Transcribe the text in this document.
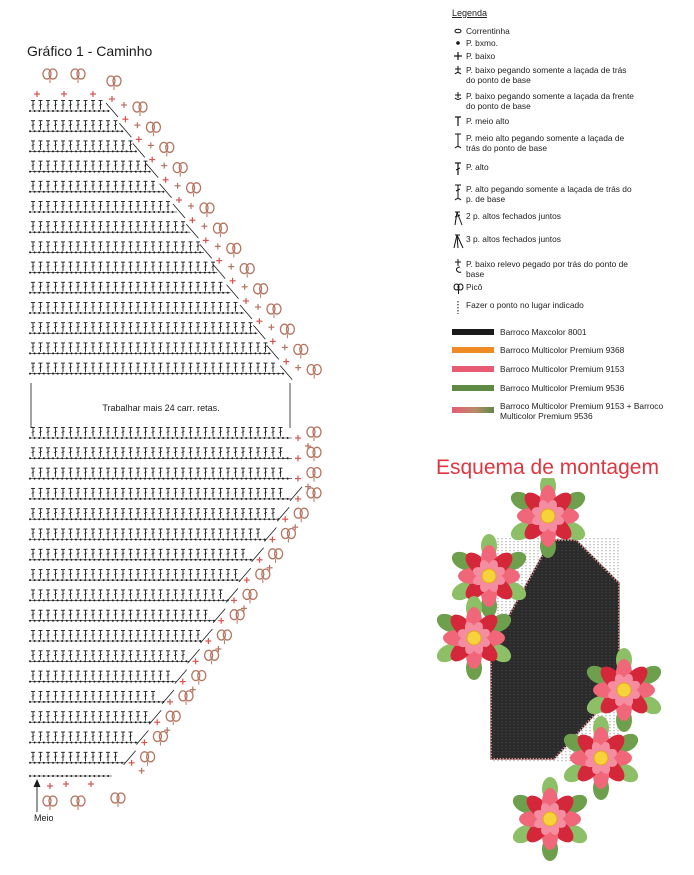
Gráfico 1 - Caminho
Trabalhar mais 24 carr. retas.
Meio
Legenda
Correntinha
P. bxmo.
P. baixo
P. baixo pegando somente a laçada de trás do ponto de base
P. baixo pegando somente a laçada da frente do ponto de base
P. meio alto
P. meio alto pegando somente a laçada de trás do ponto de base
P. alto
P. alto pegando somente a laçada de trás do p. de base
2 p. altos fechados juntos
3 p. altos fechados juntos
P. baixo relevo pegado por trás do ponto de base
Picô
Fazer o ponto no lugar indicado
Barroco Maxcolor 8001
Barroco Multicolor Premium 9368
Barroco Multicolor Premium 9153
Barroco Multicolor Premium 9536
Barroco Multicolor Premium 9153 + Barroco Multicolor Premium 9536
Esquema de montagem
